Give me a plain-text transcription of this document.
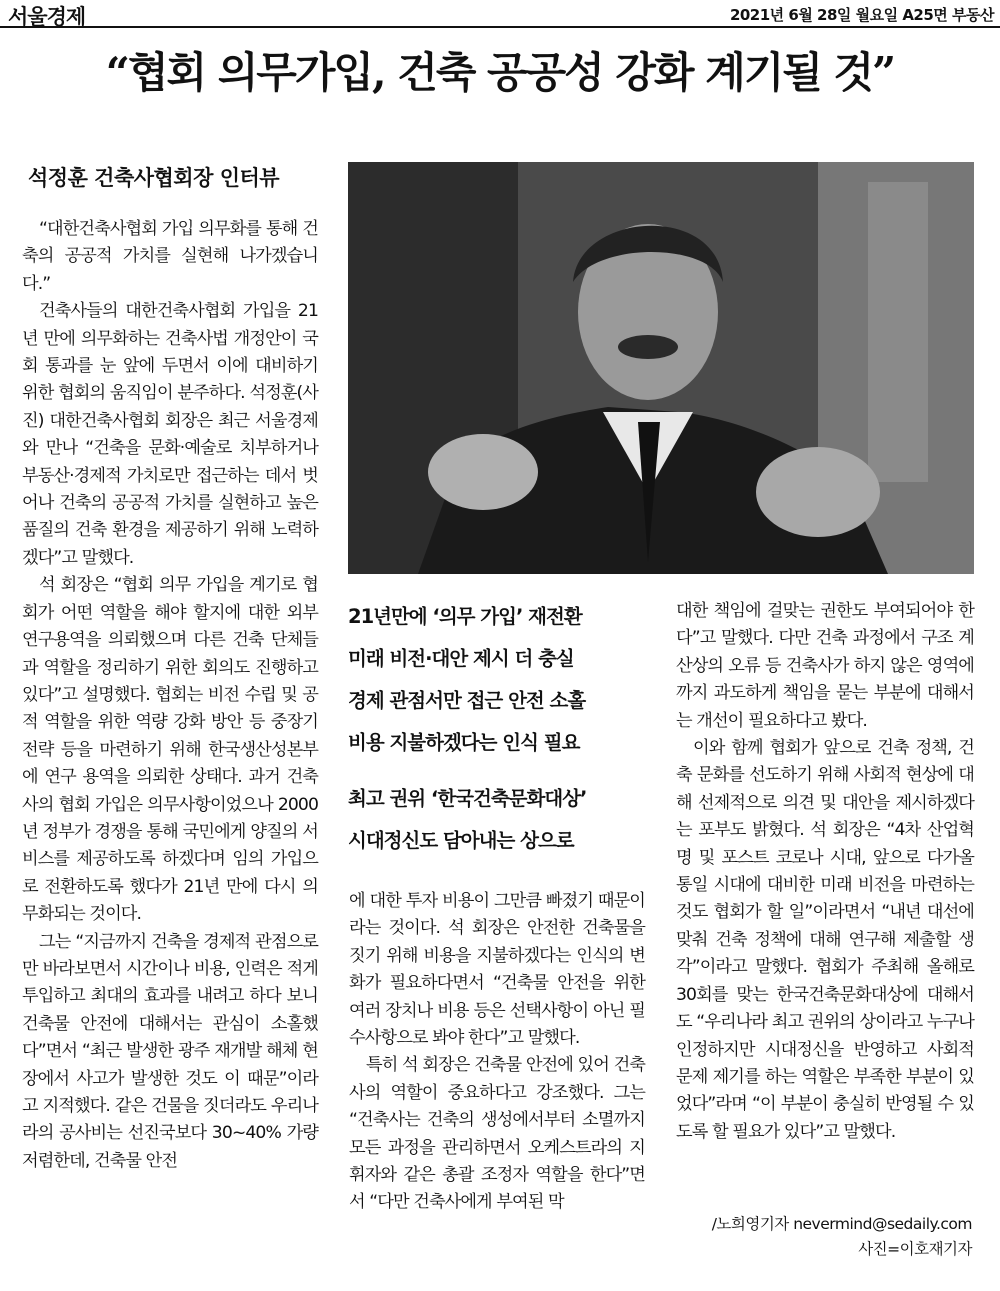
서울경제	2021년 6월 28일 월요일 A25면 부동산
“협회 의무가입, 건축 공공성 강화 계기될 것”
석정훈 건축사협회장 인터뷰

“대한건축사협회 가입 의무화를 통해 건축의 공공적 가치를 실현해 나가겠습니다.”

건축사들의 대한건축사협회 가입을 21년 만에 의무화하는 건축사법 개정안이 국회 통과를 눈 앞에 두면서 이에 대비하기 위한 협회의 움직임이 분주하다. 석정훈(사진) 대한건축사협회 회장은 최근 서울경제와 만나 “건축을 문화·예술로 치부하거나 부동산·경제적 가치로만 접근하는 데서 벗어나 건축의 공공적 가치를 실현하고 높은 품질의 건축 환경을 제공하기 위해 노력하겠다”고 말했다.

석 회장은 “협회 의무 가입을 계기로 협회가 어떤 역할을 해야 할지에 대한 외부 연구용역을 의뢰했으며 다른 건축 단체들과 역할을 정리하기 위한 회의도 진행하고 있다”고 설명했다. 협회는 비전 수립 및 공적 역할을 위한 역량 강화 방안 등 중장기 전략 등을 마련하기 위해 한국생산성본부에 연구 용역을 의뢰한 상태다. 과거 건축사의 협회 가입은 의무사항이었으나 2000년 정부가 경쟁을 통해 국민에게 양질의 서비스를 제공하도록 하겠다며 임의 가입으로 전환하도록 했다가 21년 만에 다시 의무화되는 것이다.

그는 “지금까지 건축을 경제적 관점으로만 바라보면서 시간이나 비용, 인력은 적게 투입하고 최대의 효과를 내려고 하다 보니 건축물 안전에 대해서는 관심이 소홀했다”면서 “최근 발생한 광주 재개발 해체 현장에서 사고가 발생한 것도 이 때문”이라고 지적했다. 같은 건물을 짓더라도 우리나라의 공사비는 선진국보다 30~40% 가량 저렴한데, 건축물 안전

21년만에 ‘의무 가입’ 재전환
미래 비전·대안 제시 더 충실
경제 관점서만 접근 안전 소홀
비용 지불하겠다는 인식 필요
최고 권위 ‘한국건축문화대상’
시대정신도 담아내는 상으로

에 대한 투자 비용이 그만큼 빠졌기 때문이라는 것이다. 석 회장은 안전한 건축물을 짓기 위해 비용을 지불하겠다는 인식의 변화가 필요하다면서 “건축물 안전을 위한 여러 장치나 비용 등은 선택사항이 아닌 필수사항으로 봐야 한다”고 말했다.

특히 석 회장은 건축물 안전에 있어 건축사의 역할이 중요하다고 강조했다. 그는 “건축사는 건축의 생성에서부터 소멸까지 모든 과정을 관리하면서 오케스트라의 지휘자와 같은 총괄 조정자 역할을 한다”면서 “다만 건축사에게 부여된 막

대한 책임에 걸맞는 권한도 부여되어야 한다”고 말했다. 다만 건축 과정에서 구조 계산상의 오류 등 건축사가 하지 않은 영역에까지 과도하게 책임을 묻는 부분에 대해서는 개선이 필요하다고 봤다.

이와 함께 협회가 앞으로 건축 정책, 건축 문화를 선도하기 위해 사회적 현상에 대해 선제적으로 의견 및 대안을 제시하겠다는 포부도 밝혔다. 석 회장은 “4차 산업혁명 및 포스트 코로나 시대, 앞으로 다가올 통일 시대에 대비한 미래 비전을 마련하는 것도 협회가 할 일”이라면서 “내년 대선에 맞춰 건축 정책에 대해 연구해 제출할 생각”이라고 말했다. 협회가 주최해 올해로 30회를 맞는 한국건축문화대상에 대해서도 “우리나라 최고 권위의 상이라고 누구나 인정하지만 시대정신을 반영하고 사회적 문제 제기를 하는 역할은 부족한 부분이 있었다”라며 “이 부분이 충실히 반영될 수 있도록 할 필요가 있다”고 말했다.

/노희영기자 nevermind@sedaily.com
사진=이호재기자
